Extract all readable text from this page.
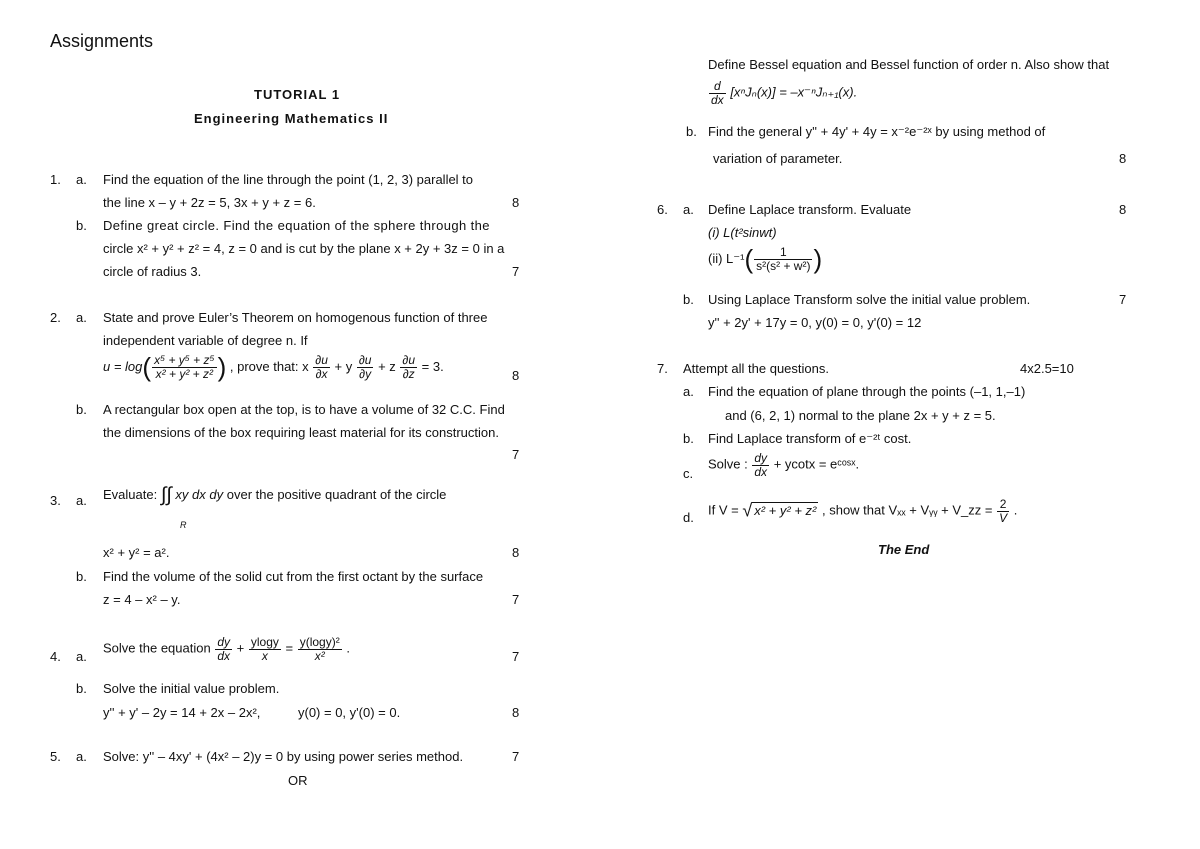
Assignments
TUTORIAL 1
Engineering Mathematics II
1. a. Find the equation of the line through the point (1, 2, 3) parallel to
the line x – y + 2z = 5, 3x + y + z = 6.	8
b. Define great circle. Find the equation of the sphere through the
circle x² + y² + z² = 4, z = 0 and is cut by the plane x + 2y + 3z = 0 in a
circle of radius 3.	7
2. a. State and prove Euler’s Theorem on homogenous function of three
independent variable of degree n. If
$u = \log( \frac{\text{x⁵ + y⁵ + z⁵}}{\text{x² + y² + z²}}$ ) , prove that: x $\frac{\partial u}{\partial x} + y \frac{\partial u}{\partial y} + z \frac{\partial u}{\partial z} = 3$.
8
b. A rectangular box open at the top, is to have a volume of 32 C.C. Find
the dimensions of the box requiring least material for its construction.
7
3. a. Evaluate: ∫∫ xy dx dy over the positive quadrant of the circle
R
x² + y² = a².	8
b. Find the volume of the solid cut from the first octant by the surface
z = 4 – x² – y.	7
4. a.
Solve the equation $\frac{dy}{dx} + \frac{ylogy}{x} = \frac{\text{y(logy)²}}{\text{x²}}$ .
7
b. Solve the initial value problem.
y'' + y' – 2y = 14 + 2x – 2x²,	y(0) = 0, y'(0) = 0.	8
5. a. Solve: y'' – 4xy' + (4x² – 2)y = 0 by using power series method.	7
OR
Define Bessel equation and Bessel function of order n. Also show that
$\frac{d}{dx} [x^nJ_n(x)] = -x^{-n}J_{n+1}(x)$.
b. Find the general y'' + 4y' + 4y = x⁻²e⁻²ˣ by using method of
variation of parameter.	8
6. a. Define Laplace transform. Evaluate	8
(i) L(t²sinwt)
(ii) $L^{-1}( \frac{1}{\text{s²(s² + w²)}}$ )
b. Using Laplace Transform solve the initial value problem.	7
y'' + 2y' + 17y = 0, y(0) = 0, y'(0) = 12
7. Attempt all the questions.	4x2.5=10
a. Find the equation of plane through the points (–1, 1,–1)
and (6, 2, 1) normal to the plane 2x + y + z = 5.
b. Find Laplace transform of e⁻²ᵗ cost.
c.
Solve : $\frac{dy}{dx} + ycotx$ = eᶜᵒˢˣ.
d. If V = √ x² + y² + z² , show that Vₓₓ + Vᵧᵧ + V_zz = $\frac{2}{V}$ .
The End
